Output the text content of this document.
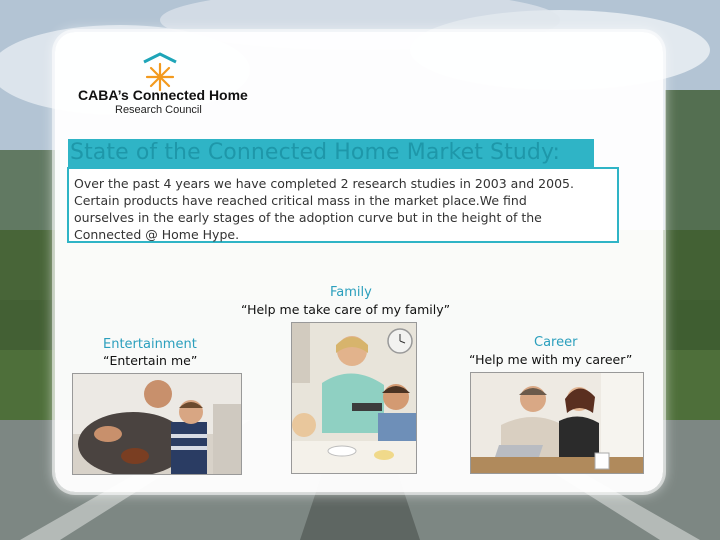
CABA’s Connected Home
Research Council
State of the Connected Home Market Study:
Over the past 4 years we have completed 2 research studies in 2003 and 2005.
Certain products have reached critical mass in the market place.We find
ourselves in the early stages of the adoption curve but in the height of the
Connected @ Home Hype.
Entertainment
“Entertain me”
Family
“Help me take care of my family”
Career
“Help me with my career”
